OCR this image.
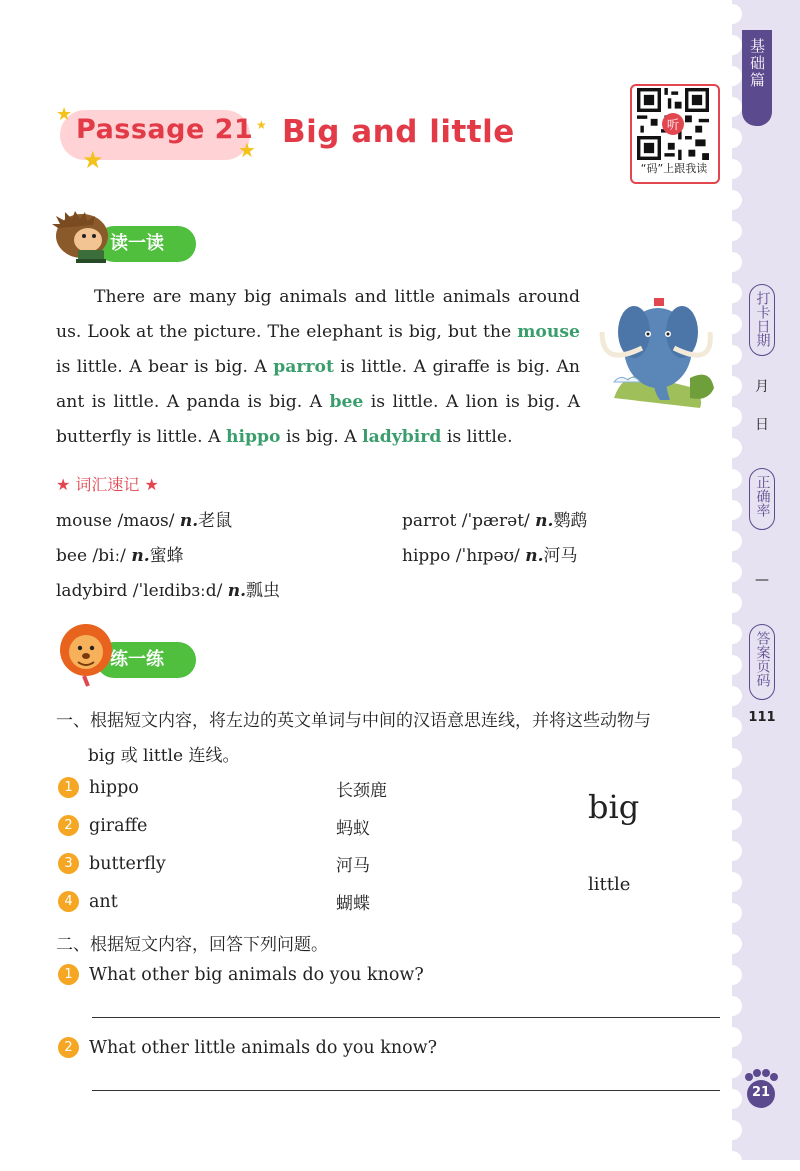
基础篇
打卡日期
月
日
正确率
—
答案页码
111
21
★
★	★
★
Passage 21 Big and little	听
“码”上跟我读
读一读

There are many big animals and little animals around us. Look at the picture. The elephant is big, but the mouse is little. A bear is big. A parrot is little. A giraffe is big. An ant is little. A panda is big. A bee is little. A lion is big. A butterfly is little. A hippo is big. A ladybird is little.

★ 词汇速记 ★
mouse /maʊs/ n.老鼠	parrot /ˈpærət/ n.鹦鹉
bee /biː/ n.蜜蜂	hippo /ˈhɪpəʊ/ n.河马
ladybird /ˈleɪdibɜːd/ n.瓢虫
练一练
一、根据短文内容，将左边的英文单词与中间的汉语意思连线，并将这些动物与
big 或 little 连线。
1 hippo
2 giraffe
3 butterfly
4 ant
长颈鹿
蚂蚁
河马
蝴蝶
big
little
二、根据短文内容，回答下列问题。
1 What other big animals do you know?
2 What other little animals do you know?
